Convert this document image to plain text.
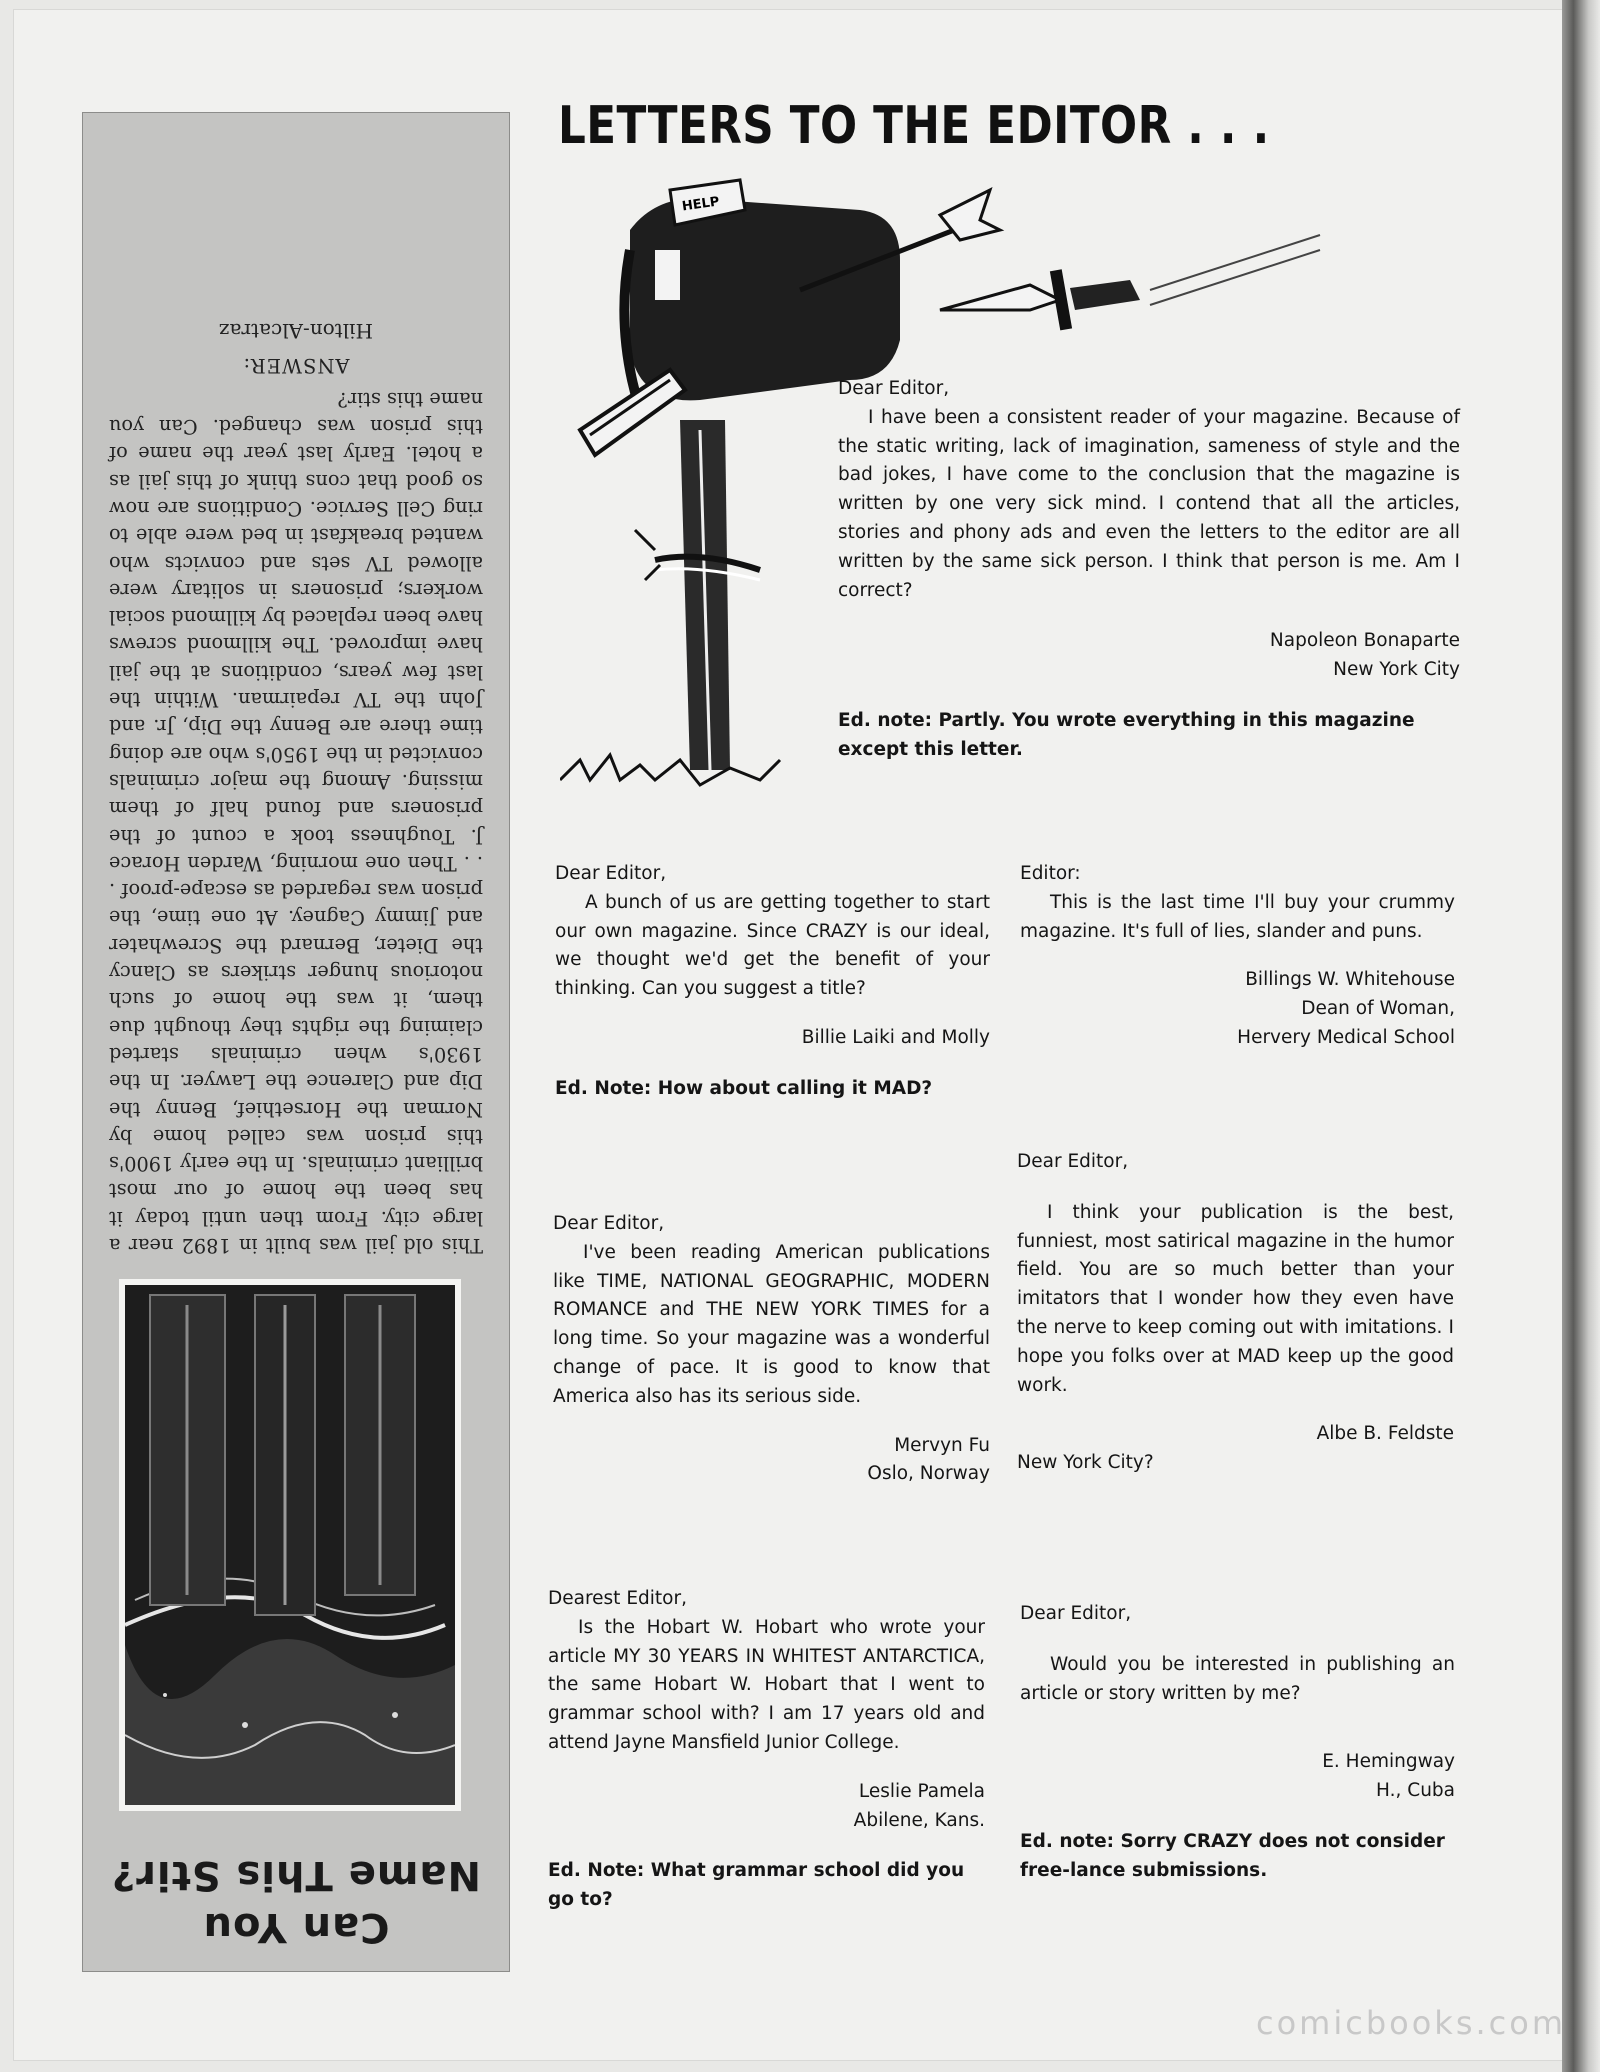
Can You
Name This Stir?

This old jail was built in 1892 near a large city. From then until today it has been the home of our most brilliant criminals. In the early 1900's this prison was called home by Norman the Horsethief, Benny the Dip and Clarence the Lawyer. In the 1930's when criminals started claiming the rights they thought due them, it was the home of such notorious hunger strikers as Clancy the Dieter, Bernard the Screwhater and Jimmy Cagney. At one time, the prison was regarded as escape-proof . . . Then one morning, Warden Horace J. Toughness took a count of the prisoners and found half of them missing. Among the major criminals convicted in the 1950's who are doing time there are Benny the Dip, Jr. and John the TV repairman. Within the last few years, conditions at the jail have improved. The killmond screws have been replaced by killmond social workers; prisoners in solitary were allowed TV sets and convicts who wanted breakfast in bed were able to ring Cell Service. Conditions are now so good that cons think of this jail as a hotel. Early last year the name of this prison was changed. Can you name this stir?

ANSWER:
Hilton-Alcatraz
LETTERS TO THE EDITOR . . .
HELP

Dear Editor,

I have been a consistent reader of your magazine. Because of the static writing, lack of imagination, sameness of style and the bad jokes, I have come to the conclusion that the magazine is written by one very sick mind. I contend that all the articles, stories and phony ads and even the letters to the editor are all written by the same sick person. I think that person is me. Am I correct?

Napoleon Bonaparte

New York City

Ed. note: Partly. You wrote everything in this magazine except this letter.

Dear Editor,

A bunch of us are getting together to start our own magazine. Since CRAZY is our ideal, we thought we'd get the benefit of your thinking. Can you suggest a title?

Billie Laiki and Molly

Ed. Note: How about calling it MAD?

Dear Editor,

I've been reading American publications like TIME, NATIONAL GEOGRAPHIC, MODERN ROMANCE and THE NEW YORK TIMES for a long time. So your magazine was a wonderful change of pace. It is good to know that America also has its serious side.

Mervyn Fu

Oslo, Norway

Dearest Editor,

Is the Hobart W. Hobart who wrote your article MY 30 YEARS IN WHITEST ANTARCTICA, the same Hobart W. Hobart that I went to grammar school with? I am 17 years old and attend Jayne Mansfield Junior College.

Leslie Pamela

Abilene, Kans.

Ed. Note: What grammar school did you go to?

Editor:

This is the last time I'll buy your crummy magazine. It's full of lies, slander and puns.

Billings W. Whitehouse

Dean of Woman,

Hervery Medical School

Dear Editor,

I think your publication is the best, funniest, most satirical magazine in the humor field. You are so much better than your imitators that I wonder how they even have the nerve to keep coming out with imitations. I hope you folks over at MAD keep up the good work.

Albe B. Feldste

New York City?

Dear Editor,

Would you be interested in publishing an article or story written by me?

E. Hemingway

H., Cuba

Ed. note: Sorry CRAZY does not consider free-lance submissions.

comicbooks.com
